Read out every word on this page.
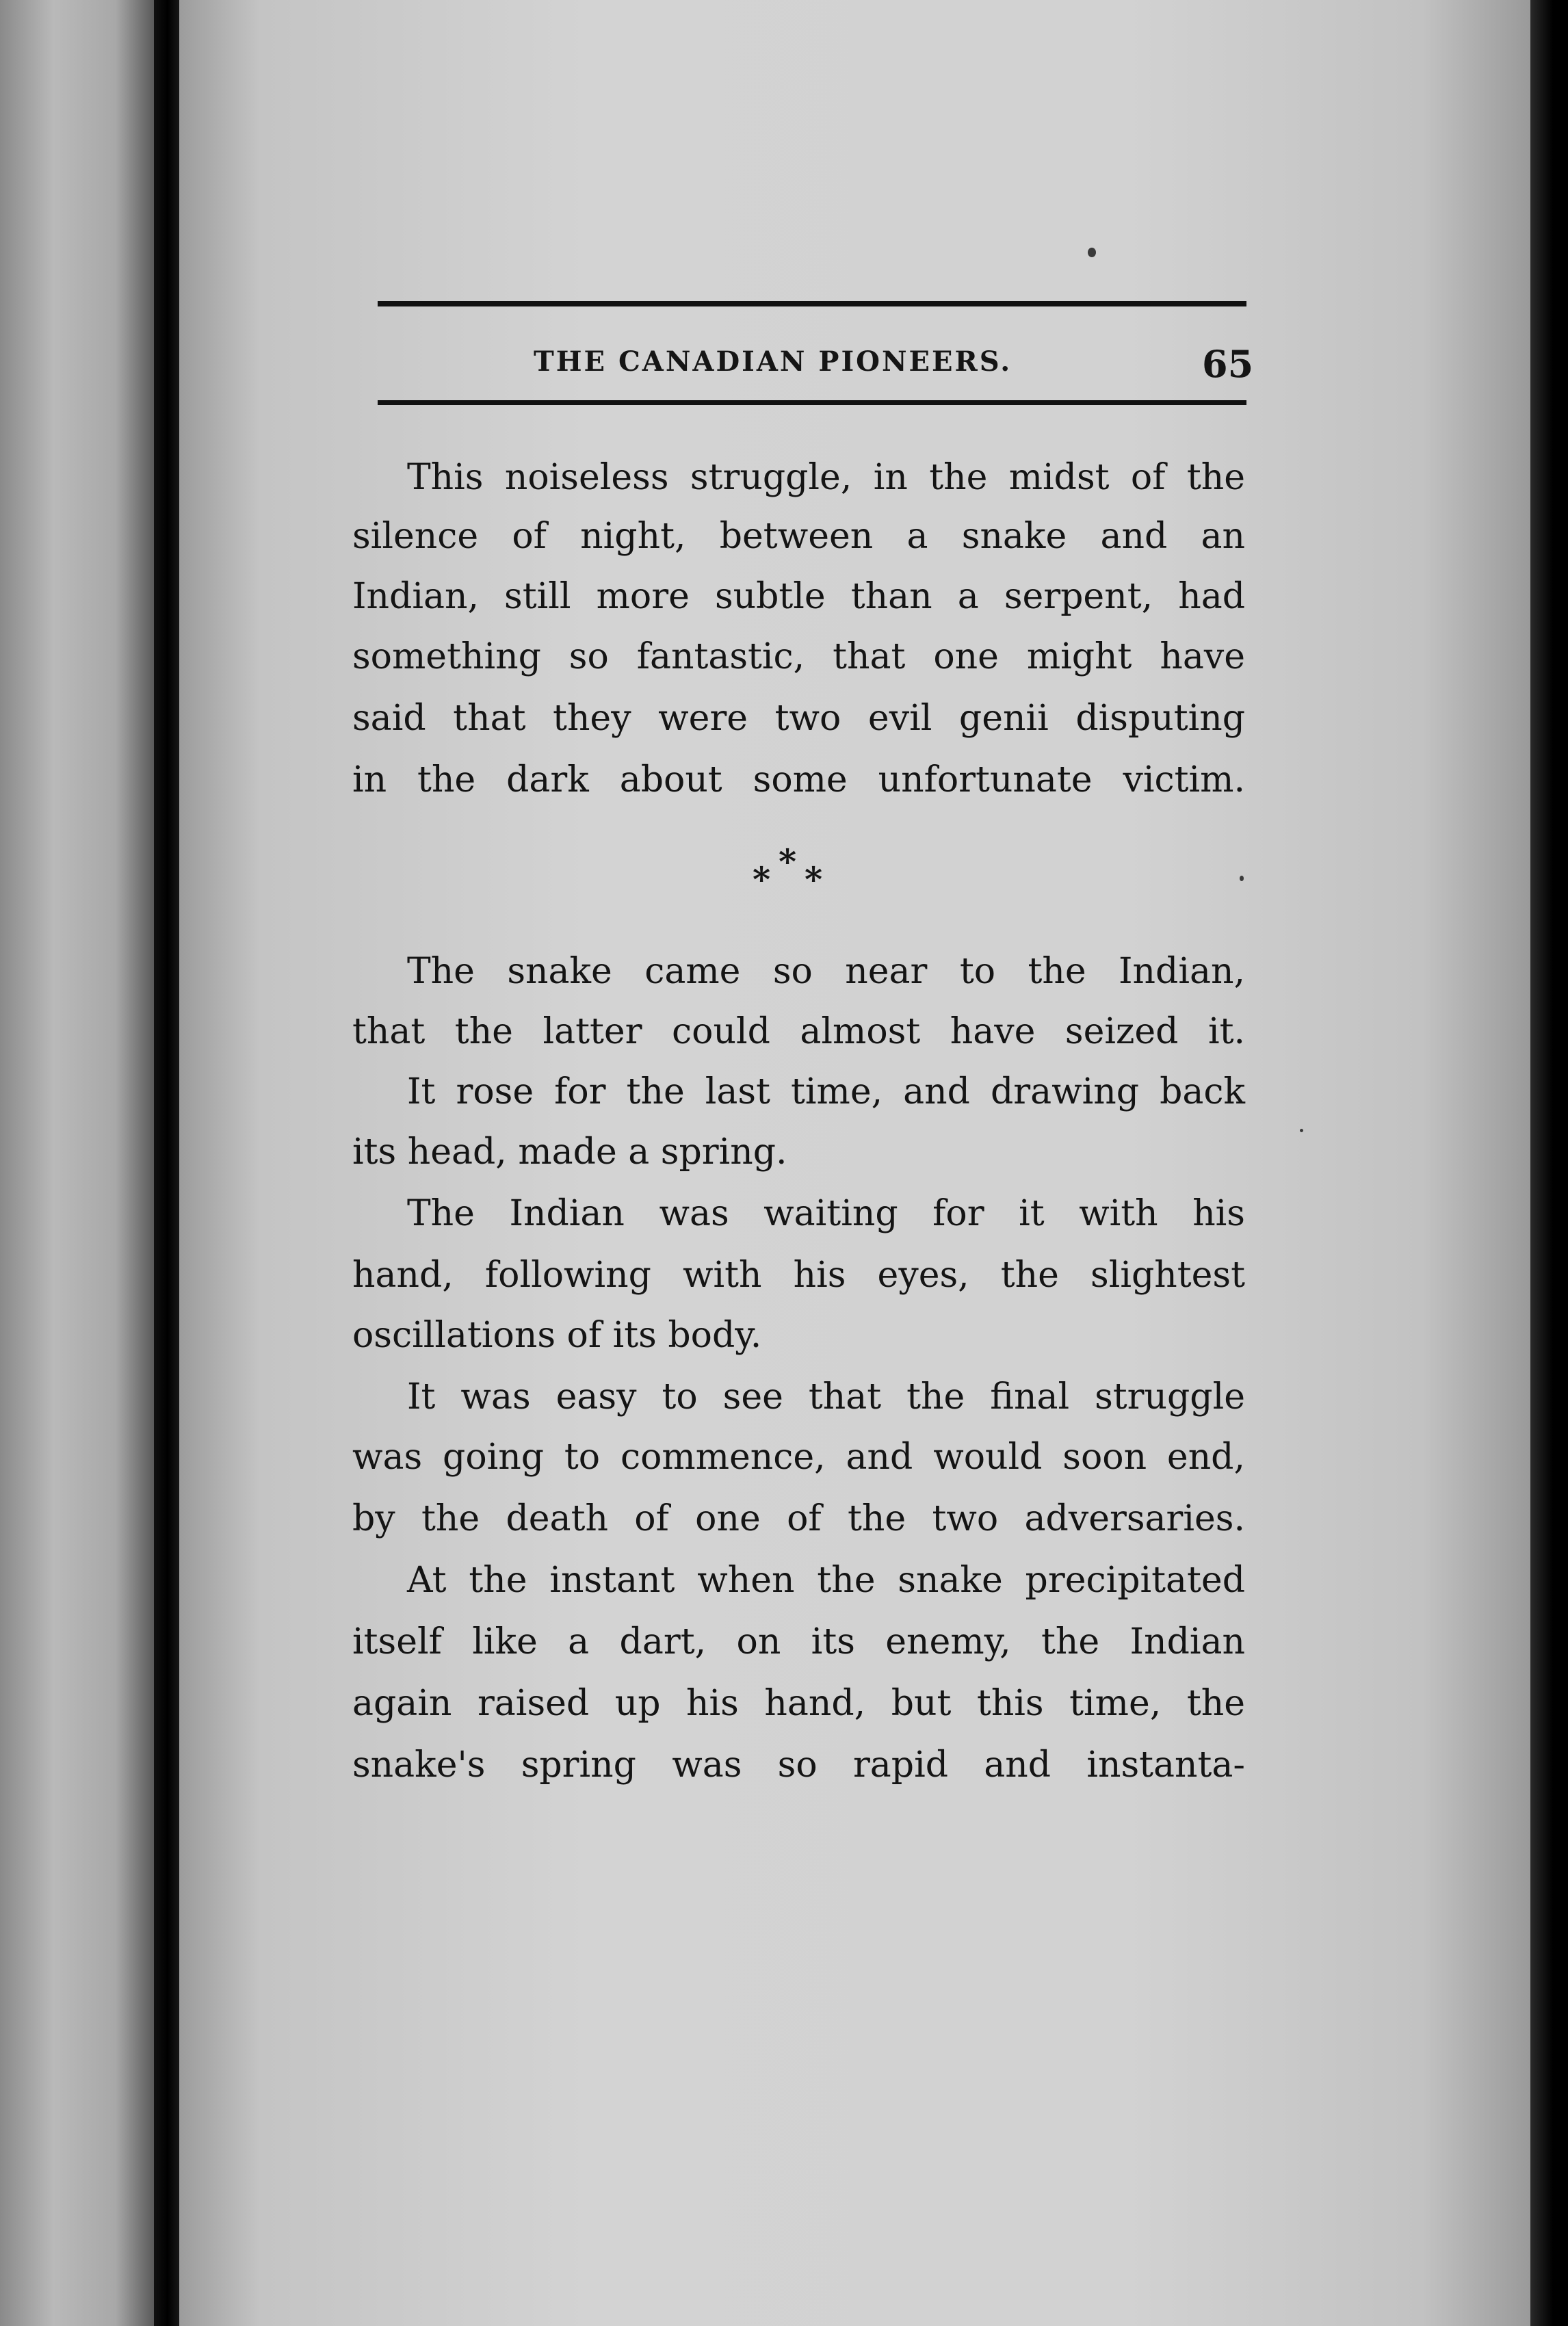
THE CANADIAN PIONEERS.	65
This noiseless struggle, in the midst of the
silence of night, between a snake and an
Indian, still more subtle than a serpent, had
something so fantastic, that one might have
said that they were two evil genii disputing
in the dark about some unfortunate victim.
*
* *
The snake came so near to the Indian,
that the latter could almost have seized it.
It rose for the last time, and drawing back
its head, made a spring.
The Indian was waiting for it with his
hand, following with his eyes, the slightest
oscillations of its body.
It was easy to see that the final struggle
was going to commence, and would soon end,
by the death of one of the two adversaries.
At the instant when the snake precipitated
itself like a dart, on its enemy, the Indian
again raised up his hand, but this time, the
snake's spring was so rapid and instanta-
